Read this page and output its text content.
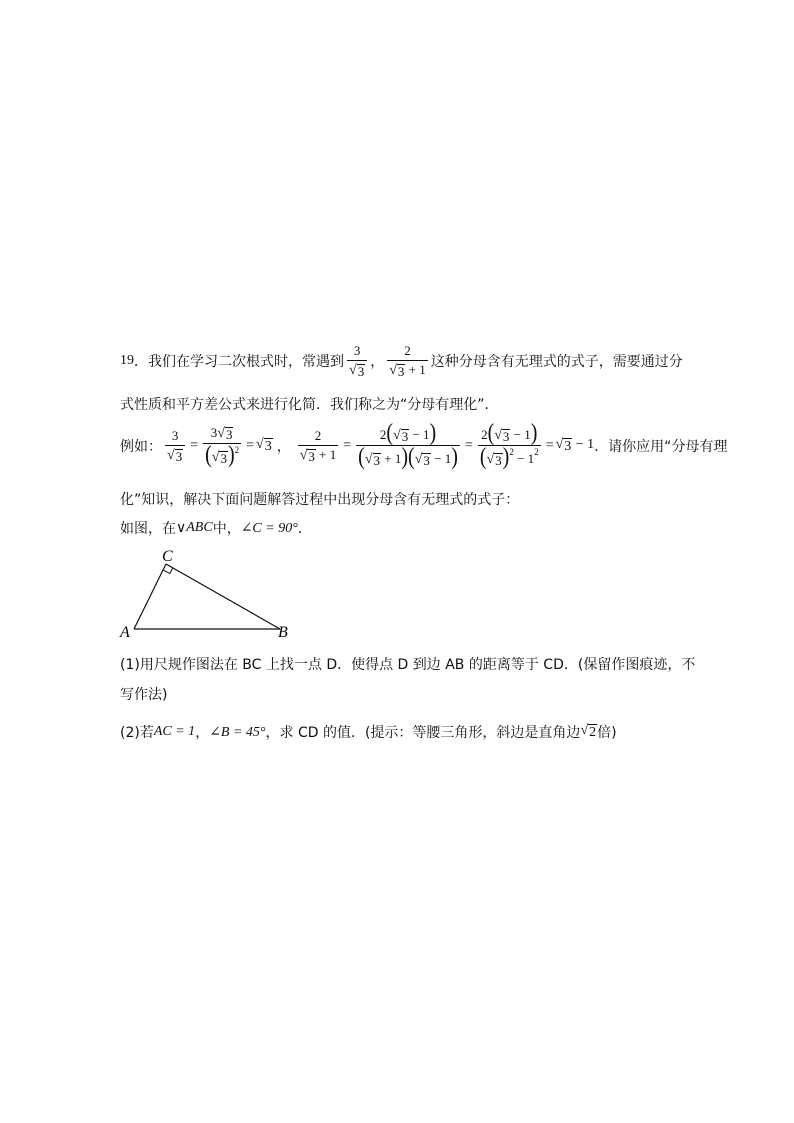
19 ．我们在学习二次根式时，常遇到 $\frac{3}{√ 3}$ ， $\frac{2}{√ 3 + 1}$ 这种分母含有无理式的式子，需要通过分
式性质和平方差公式来进行化简．我们称之为“分母有理化”．
例如： $\frac{3}{√ 3} = \frac{3 √ 3}{( √ 3 )^2}$ = √ 3 ， $\frac{2}{√ 3 + 1} = \frac{2( √ 3 - 1)}{( √ 3 + 1)( √ 3 - 1)} = \frac{2( √ 3 - 1)}{( √ 3 )^2 - 1^2}$ = √ 3 − 1 ．请你应用“分母有理
化”知识，解决下面问题解答过程中出现分母含有无理式的式子：
如图，在 ∨ ABC 中， ∠C = 90° ．
C
A	B
(1)用尺规作图法在 BC 上找一点 D．使得点 D 到边 AB 的距离等于 CD．(保留作图痕迹，不
写作法)
(2)若 AC = 1 ， ∠B = 45° ，求 CD 的值．(提示：等腰三角形，斜边是直角边 √ 2 倍)
